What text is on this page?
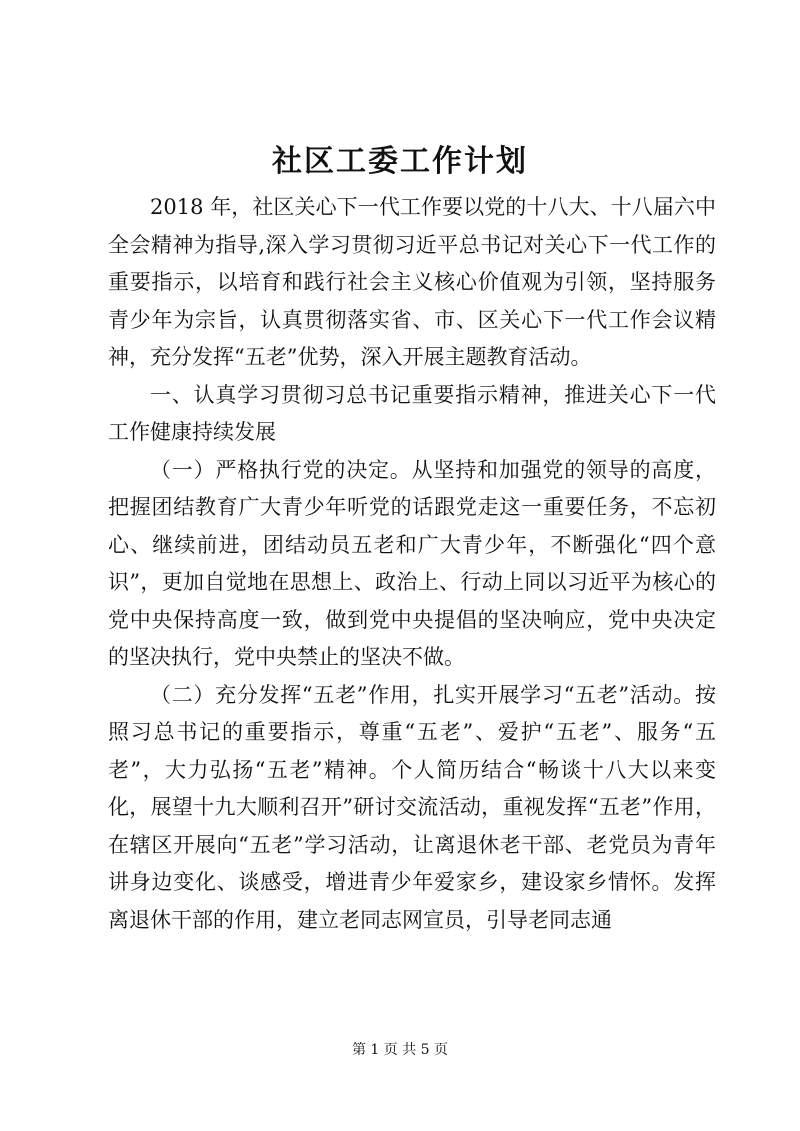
社区工委工作计划

2018 年，社区关心下一代工作要以党的十八大、十八届六中全会精神为指导,深入学习贯彻习近平总书记对关心下一代工作的重要指示，以培育和践行社会主义核心价值观为引领，坚持服务青少年为宗旨，认真贯彻落实省、市、区关心下一代工作会议精神，充分发挥“五老”优势，深入开展主题教育活动。

一、认真学习贯彻习总书记重要指示精神，推进关心下一代工作健康持续发展

（一）严格执行党的决定。从坚持和加强党的领导的高度，把握团结教育广大青少年听党的话跟党走这一重要任务，不忘初心、继续前进，团结动员五老和广大青少年，不断强化“四个意识”，更加自觉地在思想上、政治上、行动上同以习近平为核心的党中央保持高度一致，做到党中央提倡的坚决响应，党中央决定的坚决执行，党中央禁止的坚决不做。

（二）充分发挥“五老”作用，扎实开展学习“五老”活动。按照习总书记的重要指示，尊重“五老”、爱护“五老”、服务“五老”，大力弘扬“五老”精神。个人简历结合“畅谈十八大以来变化，展望十九大顺利召开”研讨交流活动，重视发挥“五老”作用，在辖区开展向“五老”学习活动，让离退休老干部、老党员为青年讲身边变化、谈感受，增进青少年爱家乡，建设家乡情怀。发挥离退休干部的作用，建立老同志网宣员，引导老同志通

第 1 页 共 5 页
